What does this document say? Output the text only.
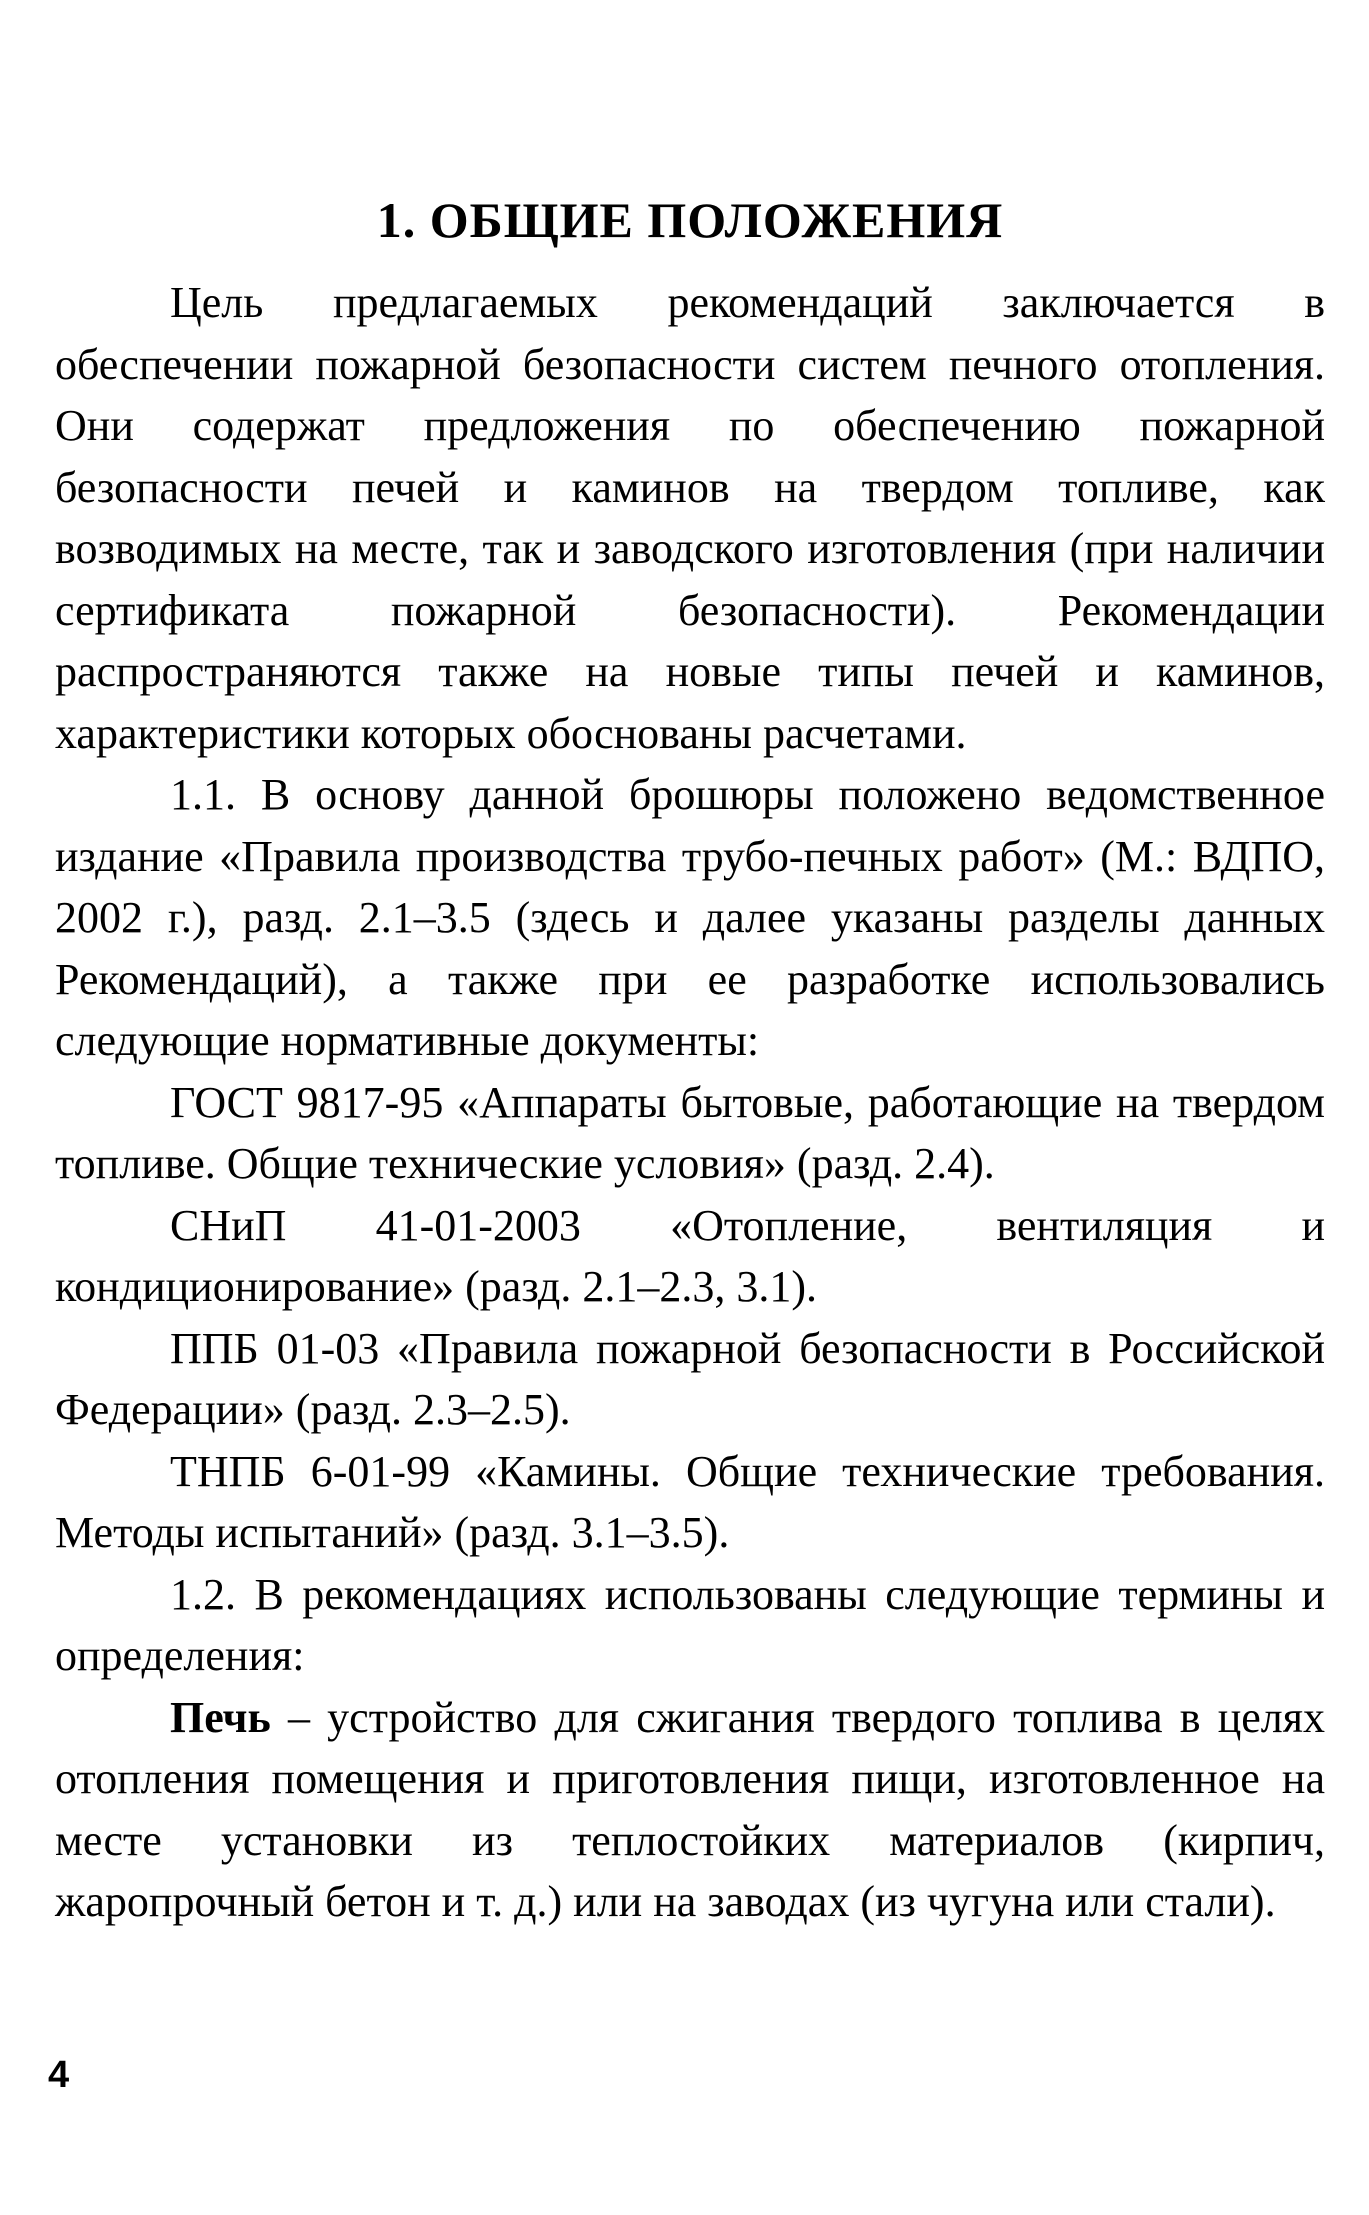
1. ОБЩИЕ ПОЛОЖЕНИЯ

Цель предлагаемых рекомендаций заключается в обеспечении пожарной безопасности систем печного отопления. Они содержат предложения по обеспечению пожарной безопасности печей и каминов на твердом топливе, как возводимых на месте, так и заводского изготовления (при наличии сертификата пожарной безопасности). Рекомендации распространяются также на новые типы печей и каминов, характеристики которых обоснованы расчетами.

1.1. В основу данной брошюры положено ведомственное издание «Правила производства трубо-печных работ» (М.: ВДПО, 2002 г.), разд. 2.1–3.5 (здесь и далее указаны разделы данных Рекомендаций), а также при ее разработке использовались следующие нормативные документы:

ГОСТ 9817-95 «Аппараты бытовые, работающие на твердом топливе. Общие технические условия» (разд. 2.4).

СНиП 41-01-2003 «Отопление, вентиляция и кондиционирование» (разд. 2.1–2.3, 3.1).

ППБ 01-03 «Правила пожарной безопасности в Российской Федерации» (разд. 2.3–2.5).

ТНПБ 6-01-99 «Камины. Общие технические требования. Методы испытаний» (разд. 3.1–3.5).

1.2. В рекомендациях использованы следующие термины и определения:

Печь – устройство для сжигания твердого топлива в целях отопления помещения и приготовления пищи, изготовленное на месте установки из теплостойких материалов (кирпич, жаропрочный бетон и т. д.) или на заводах (из чугуна или стали).

4
